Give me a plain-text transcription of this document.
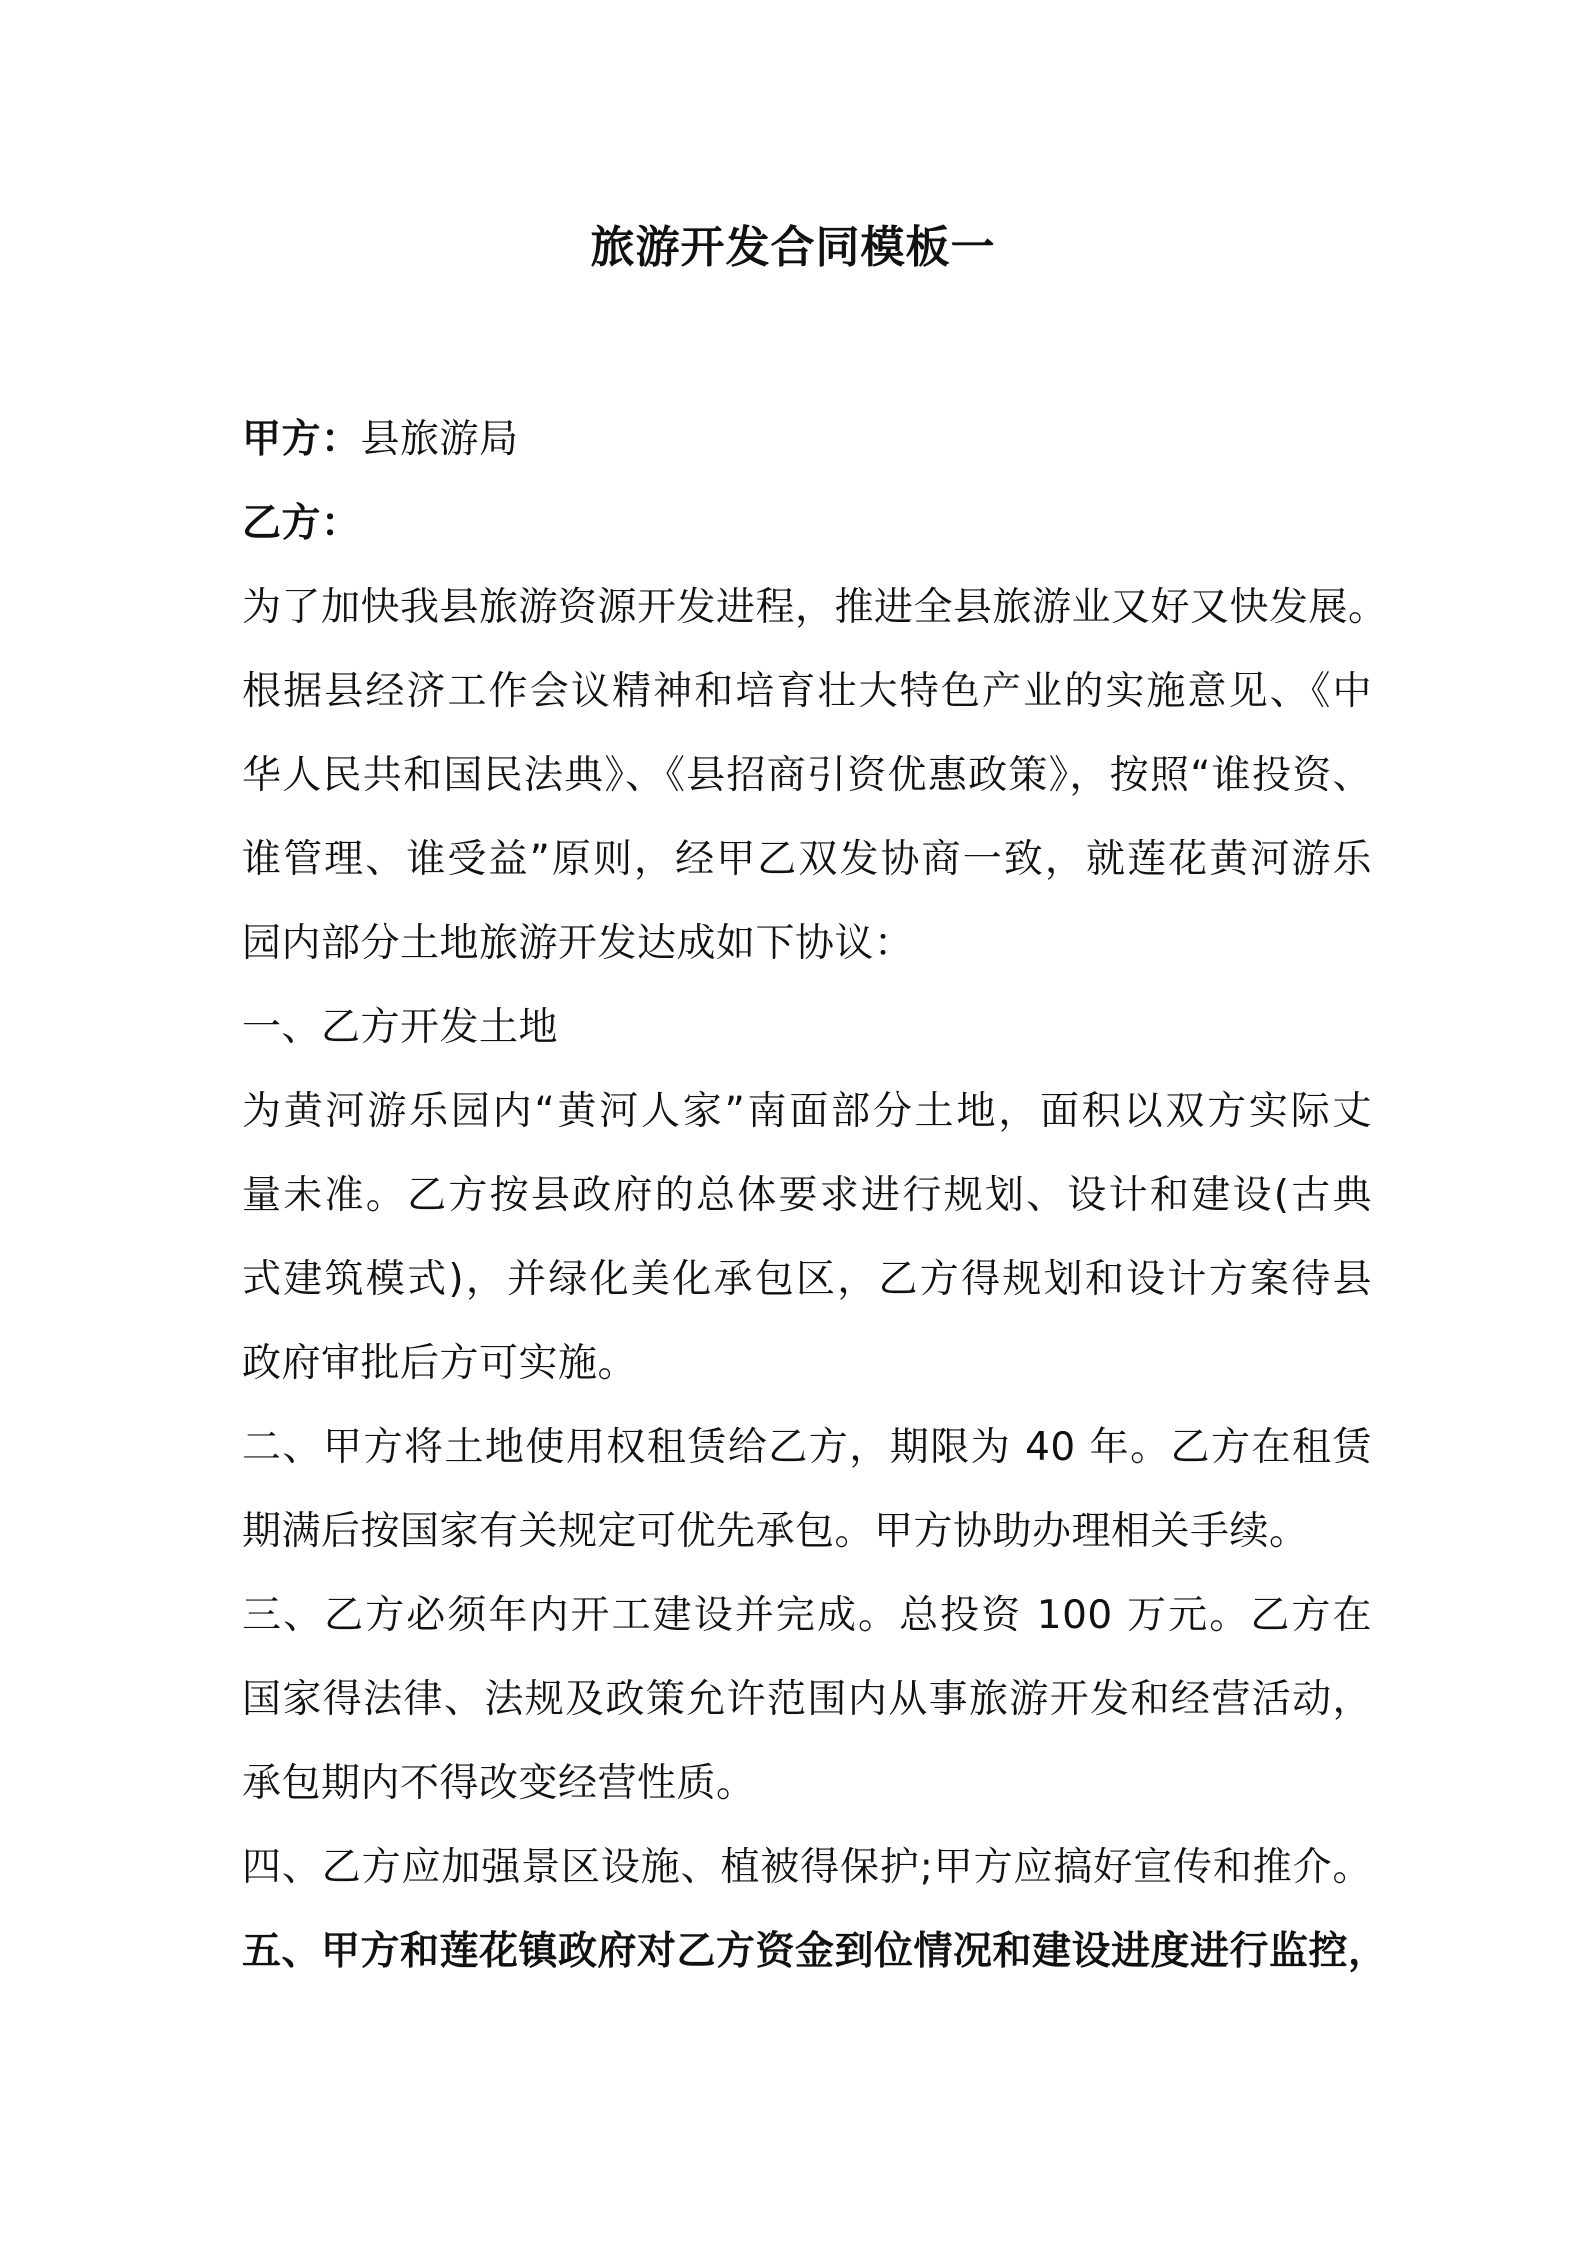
旅游开发合同模板一
甲方：县旅游局
乙方：
为了加快我县旅游资源开发进程，推进全县旅游业又好又快发展。
根据县经济工作会议精神和培育壮大特色产业的实施意见、《中
华人民共和国民法典》、《县招商引资优惠政策》，按照“谁投资、
谁管理、谁受益”原则，经甲乙双发协商一致，就莲花黄河游乐
园内部分土地旅游开发达成如下协议：
一、乙方开发土地
为黄河游乐园内“黄河人家”南面部分土地，面积以双方实际丈
量未准。乙方按县政府的总体要求进行规划、设计和建设(古典
式建筑模式)，并绿化美化承包区，乙方得规划和设计方案待县
政府审批后方可实施。
二、甲方将土地使用权租赁给乙方，期限为 40 年。乙方在租赁
期满后按国家有关规定可优先承包。甲方协助办理相关手续。
三、乙方必须年内开工建设并完成。总投资 100 万元。乙方在
国家得法律、法规及政策允许范围内从事旅游开发和经营活动，
承包期内不得改变经营性质。
四、乙方应加强景区设施、植被得保护;甲方应搞好宣传和推介。
五、甲方和莲花镇政府对乙方资金到位情况和建设进度进行监控，
